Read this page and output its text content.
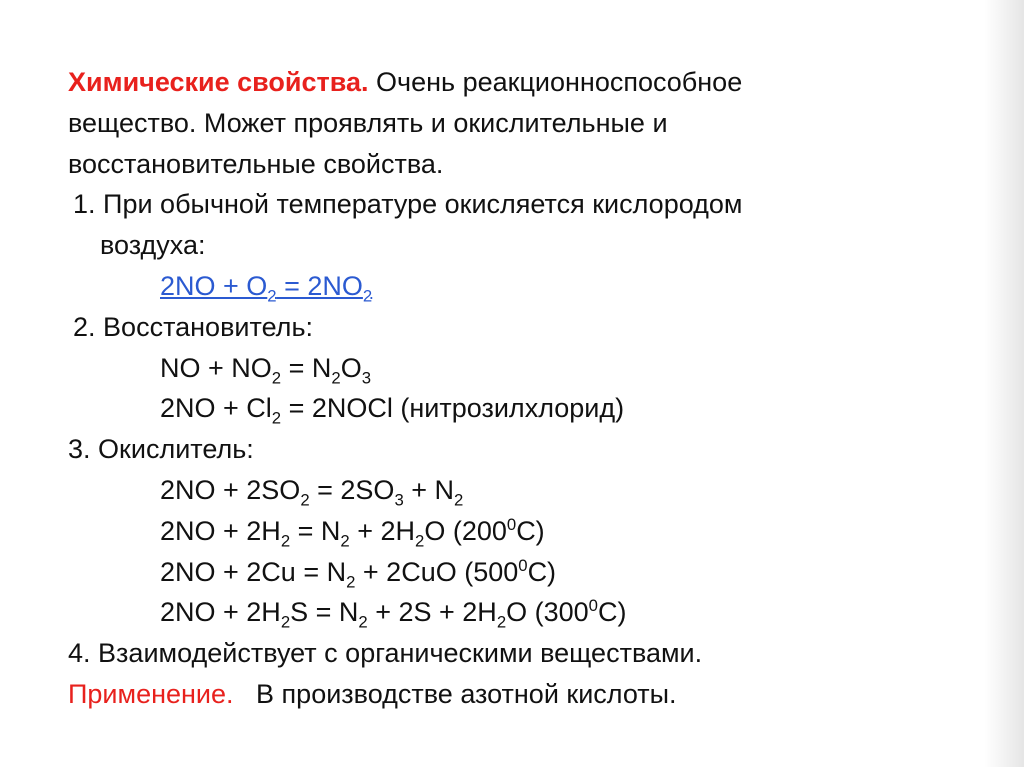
Химические свойства. Очень реакционноспособное
вещество. Может проявлять и окислительные и
восстановительные свойства.
1. При обычной температуре окисляется кислородом
воздуха:
$2NO + O_2 = 2NO_2$
2. Восстановитель:
NO + $NO_2 = N_2O_3$
$2NO + Cl_2$ = 2NOCl (нитрозилхлорид)
3. Окислитель:
$2NO + 2SO_2 = 2SO_3 + N_2$
$2NO + 2H_2 = N_2 + 2H_2O$ $(200^0C)$
$2NO + 2Cu = N_2 + 2CuO$ $(500^0C)$
$2NO + 2H_2S = N_2 + 2S + 2H_2O$ $(300^0C)$
4. Взаимодействует с органическими веществами.
Применение. В производстве азотной кислоты.
